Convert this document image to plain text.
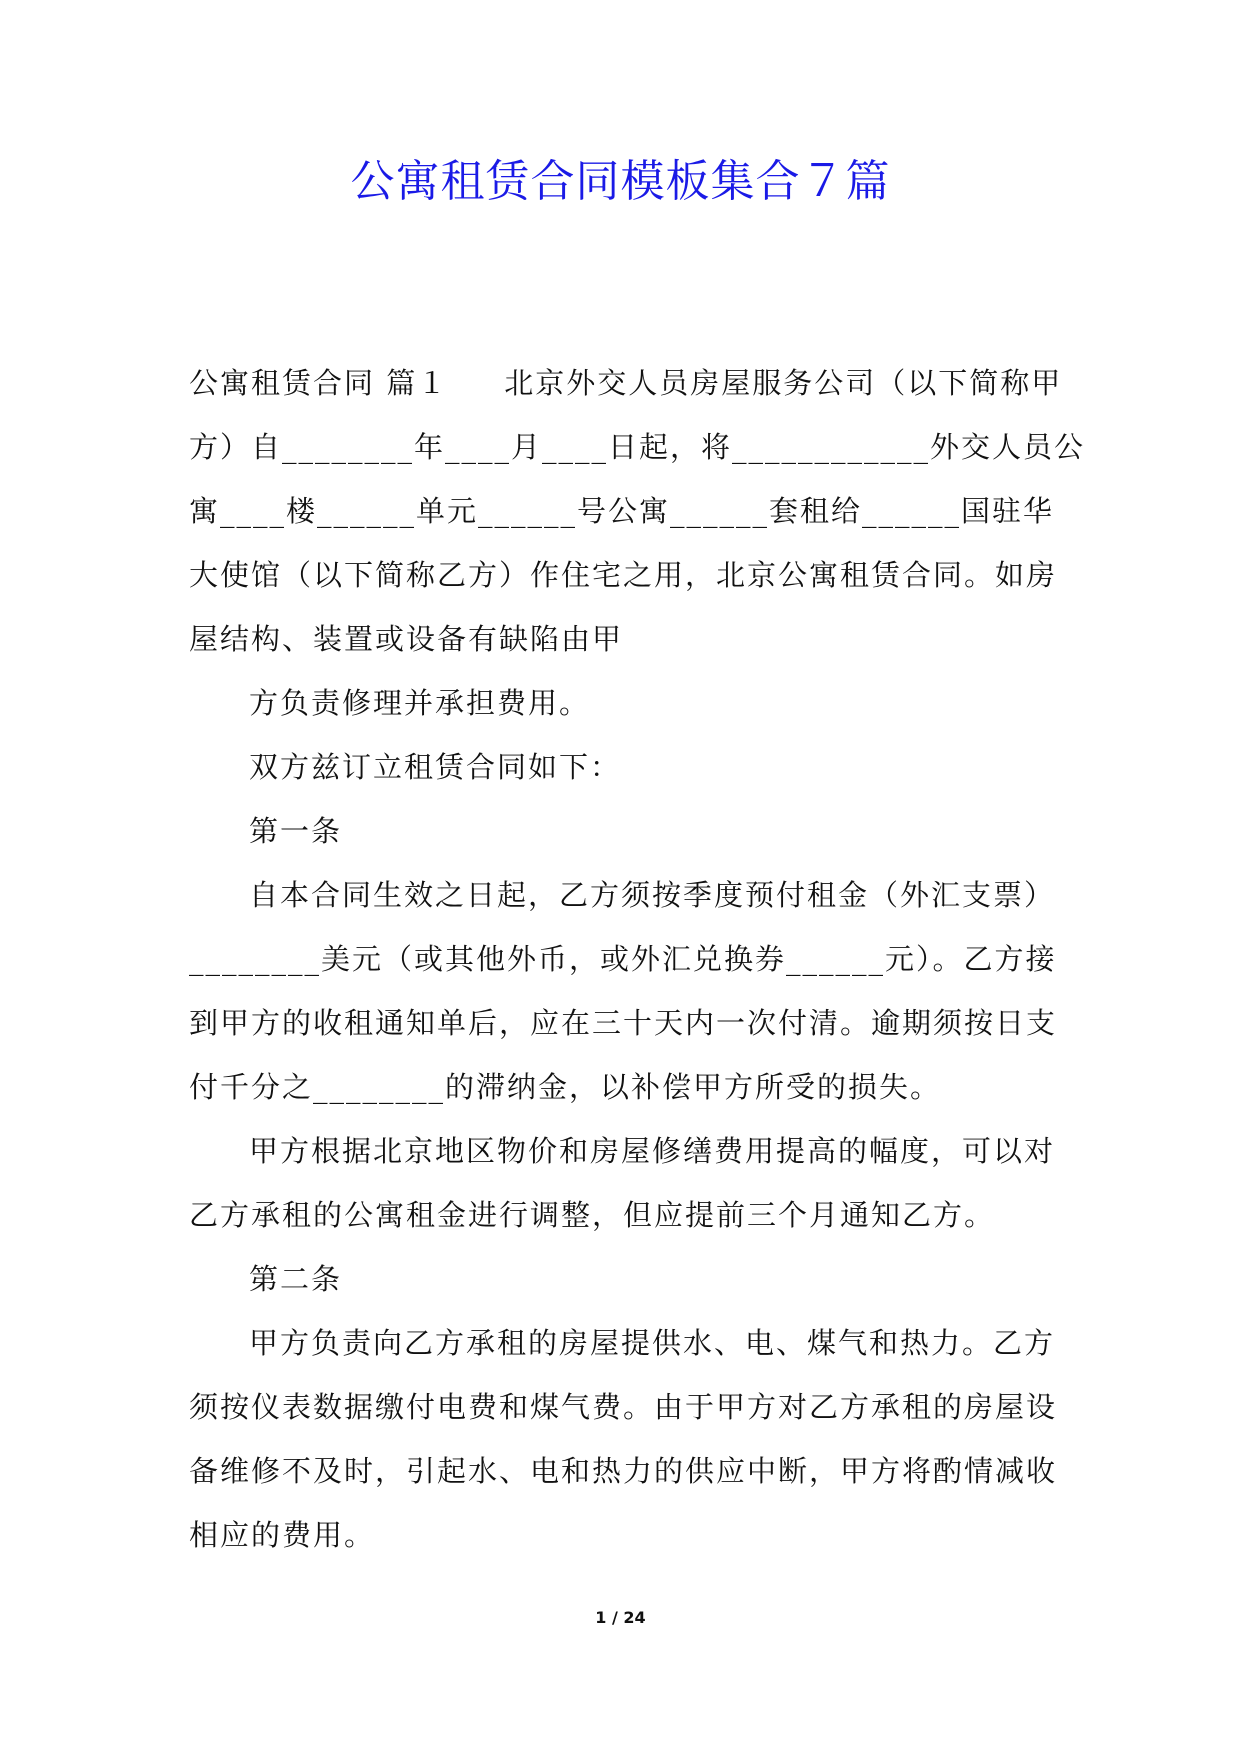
公寓租赁合同模板集合７篇
公寓租赁合同 篇１ 北京外交人员房屋服务公司（以下简称甲
方）自________年____月____日起，将____________外交人员公
寓____楼______单元______号公寓______套租给______国驻华
大使馆（以下简称乙方）作住宅之用，北京公寓租赁合同。如房
屋结构、装置或设备有缺陷由甲
方负责修理并承担费用。
双方兹订立租赁合同如下：
第一条
自本合同生效之日起，乙方须按季度预付租金（外汇支票）
________美元（或其他外币，或外汇兑换券______元）。乙方接
到甲方的收租通知单后，应在三十天内一次付清。逾期须按日支
付千分之________的滞纳金，以补偿甲方所受的损失。
甲方根据北京地区物价和房屋修缮费用提高的幅度，可以对
乙方承租的公寓租金进行调整，但应提前三个月通知乙方。
第二条
甲方负责向乙方承租的房屋提供水、电、煤气和热力。乙方
须按仪表数据缴付电费和煤气费。由于甲方对乙方承租的房屋设
备维修不及时，引起水、电和热力的供应中断，甲方将酌情减收
相应的费用。
1 / 24
